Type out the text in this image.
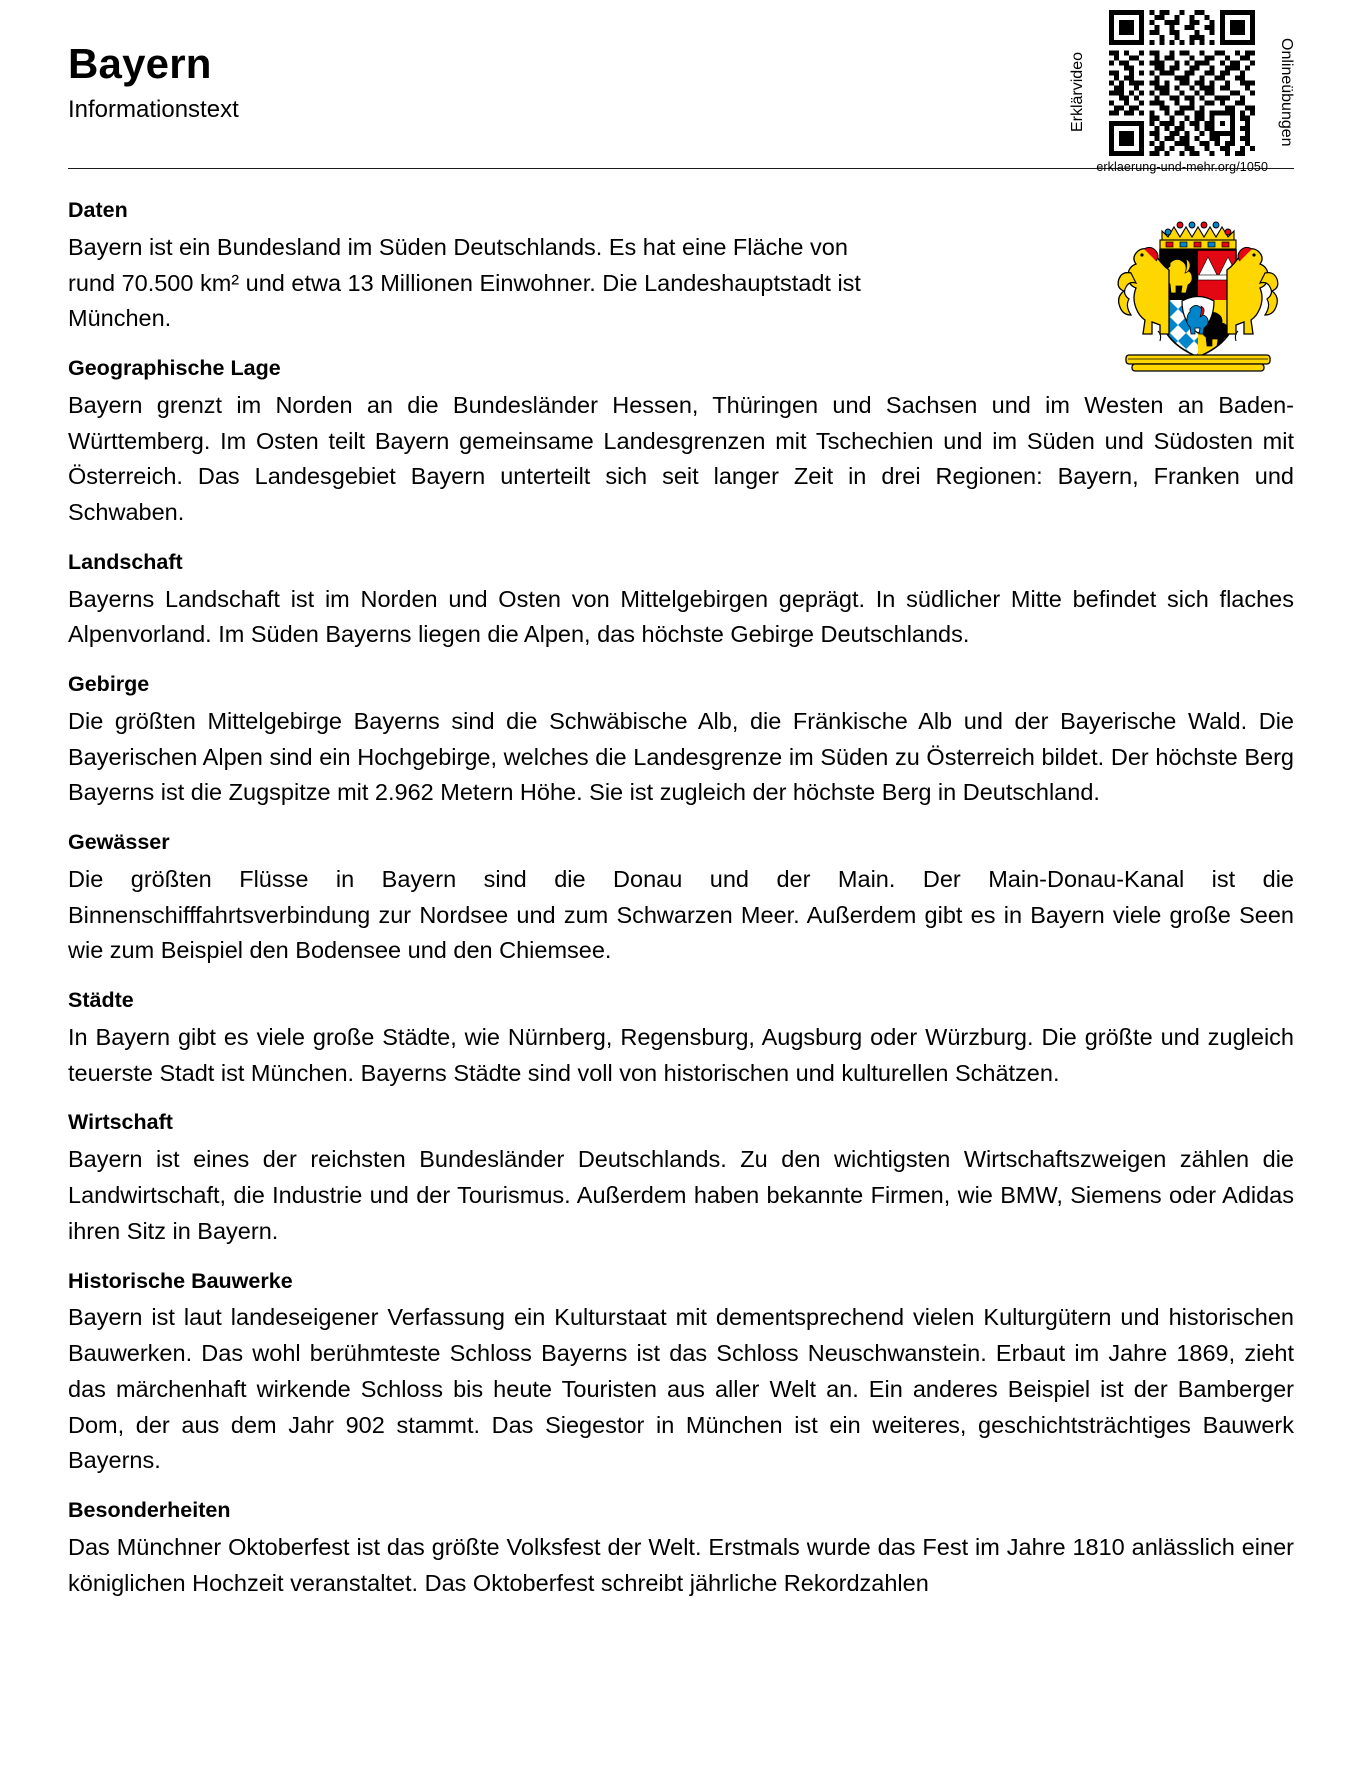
Bayern

Informationstext	Erklärvideo
erklaerung-und-mehr.org/1050
Onlineübungen
Daten

Bayern ist ein Bundesland im Süden Deutschlands. Es hat eine Fläche von rund 70.500 km² und etwa 13 Millionen Einwohner. Die Landeshauptstadt ist München.

Geographische Lage

Bayern grenzt im Norden an die Bundesländer Hessen, Thüringen und Sachsen und im Westen an Baden-Württemberg. Im Osten teilt Bayern gemeinsame Landesgrenzen mit Tschechien und im Süden und Südosten mit Österreich. Das Landesgebiet Bayern unterteilt sich seit langer Zeit in drei Regionen: Bayern, Franken und Schwaben.

Landschaft

Bayerns Landschaft ist im Norden und Osten von Mittelgebirgen geprägt. In südlicher Mitte befindet sich flaches Alpenvorland. Im Süden Bayerns liegen die Alpen, das höchste Gebirge Deutschlands.

Gebirge

Die größten Mittelgebirge Bayerns sind die Schwäbische Alb, die Fränkische Alb und der Bayerische Wald. Die Bayerischen Alpen sind ein Hochgebirge, welches die Landesgrenze im Süden zu Österreich bildet. Der höchste Berg Bayerns ist die Zugspitze mit 2.962 Metern Höhe. Sie ist zugleich der höchste Berg in Deutschland.

Gewässer

Die größten Flüsse in Bayern sind die Donau und der Main. Der Main-Donau-Kanal ist die Binnenschifffahrtsverbindung zur Nordsee und zum Schwarzen Meer. Außerdem gibt es in Bayern viele große Seen wie zum Beispiel den Bodensee und den Chiemsee.

Städte

In Bayern gibt es viele große Städte, wie Nürnberg, Regensburg, Augsburg oder Würzburg. Die größte und zugleich teuerste Stadt ist München. Bayerns Städte sind voll von historischen und kulturellen Schätzen.

Wirtschaft

Bayern ist eines der reichsten Bundesländer Deutschlands. Zu den wichtigsten Wirtschaftszweigen zählen die Landwirtschaft, die Industrie und der Tourismus. Außerdem haben bekannte Firmen, wie BMW, Siemens oder Adidas ihren Sitz in Bayern.

Historische Bauwerke

Bayern ist laut landeseigener Verfassung ein Kulturstaat mit dementsprechend vielen Kulturgütern und historischen Bauwerken. Das wohl berühmteste Schloss Bayerns ist das Schloss Neuschwanstein. Erbaut im Jahre 1869, zieht das märchenhaft wirkende Schloss bis heute Touristen aus aller Welt an. Ein anderes Beispiel ist der Bamberger Dom, der aus dem Jahr 902 stammt. Das Siegestor in München ist ein weiteres, geschichtsträchtiges Bauwerk Bayerns.

Besonderheiten

Das Münchner Oktoberfest ist das größte Volksfest der Welt. Erstmals wurde das Fest im Jahre 1810 anlässlich einer königlichen Hochzeit veranstaltet. Das Oktoberfest schreibt jährliche Rekordzahlen
